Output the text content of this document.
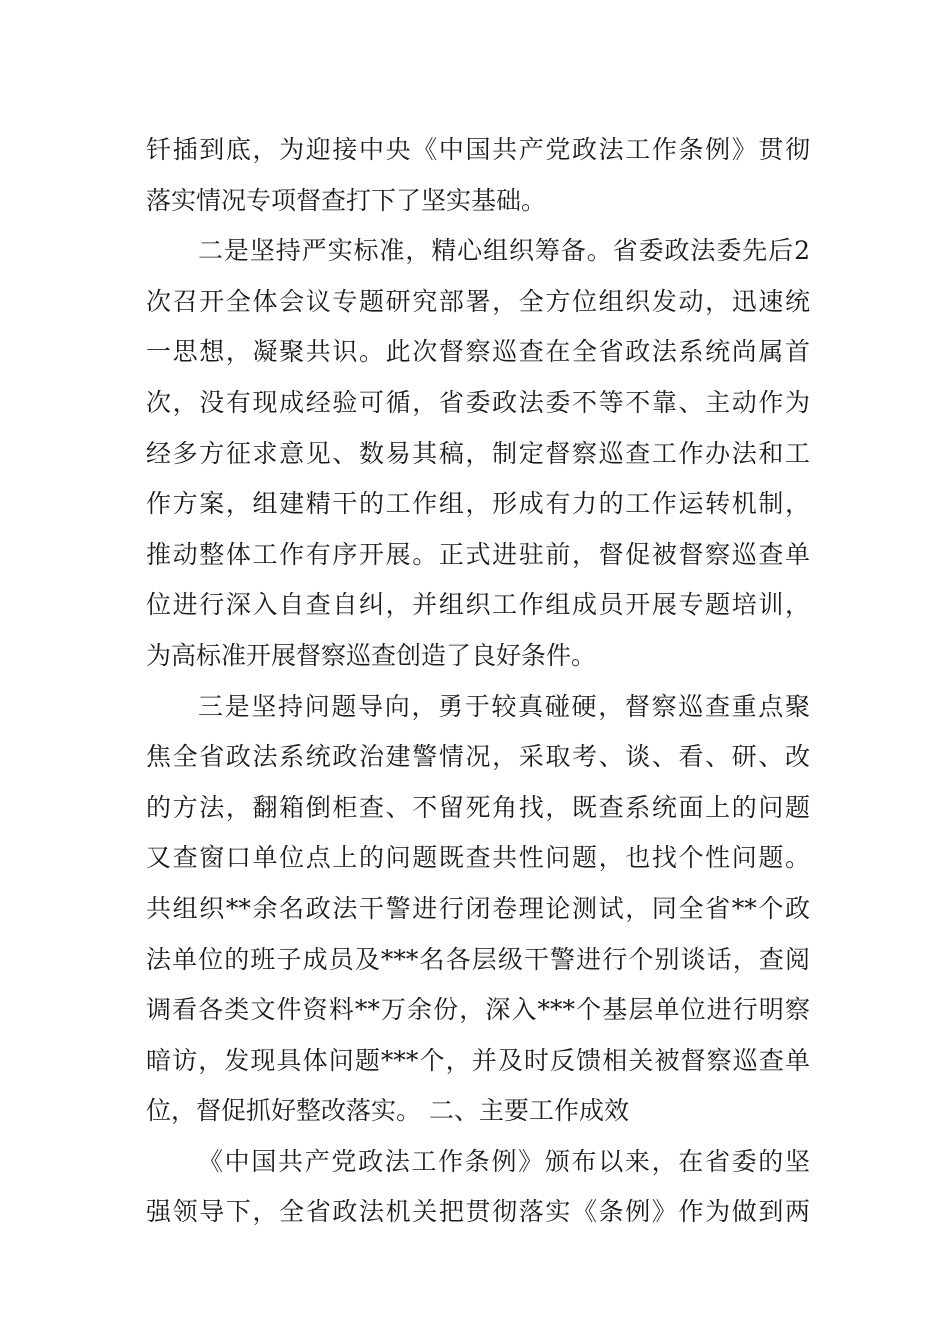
钎插到底，为迎接中央《中国共产党政法工作条例》贯彻
落实情况专项督查打下了坚实基础。
二是坚持严实标准，精心组织筹备。省委政法委先后2
次召开全体会议专题研究部署，全方位组织发动，迅速统
一思想，凝聚共识。此次督察巡查在全省政法系统尚属首
次，没有现成经验可循，省委政法委不等不靠、主动作为
经多方征求意见、数易其稿，制定督察巡查工作办法和工
作方案，组建精干的工作组，形成有力的工作运转机制，
推动整体工作有序开展。正式进驻前，督促被督察巡查单
位进行深入自查自纠，并组织工作组成员开展专题培训，
为高标准开展督察巡查创造了良好条件。
三是坚持问题导向，勇于较真碰硬，督察巡查重点聚
焦全省政法系统政治建警情况，采取考、谈、看、研、改
的方法，翻箱倒柜查、不留死角找，既查系统面上的问题
又查窗口单位点上的问题既查共性问题，也找个性问题。
共组织**余名政法干警进行闭卷理论测试，同全省**个政
法单位的班子成员及***名各层级干警进行个别谈话，查阅
调看各类文件资料**万余份，深入***个基层单位进行明察
暗访，发现具体问题***个，并及时反馈相关被督察巡查单
位，督促抓好整改落实。 二、主要工作成效
《中国共产党政法工作条例》颁布以来，在省委的坚
强领导下，全省政法机关把贯彻落实《条例》作为做到两
